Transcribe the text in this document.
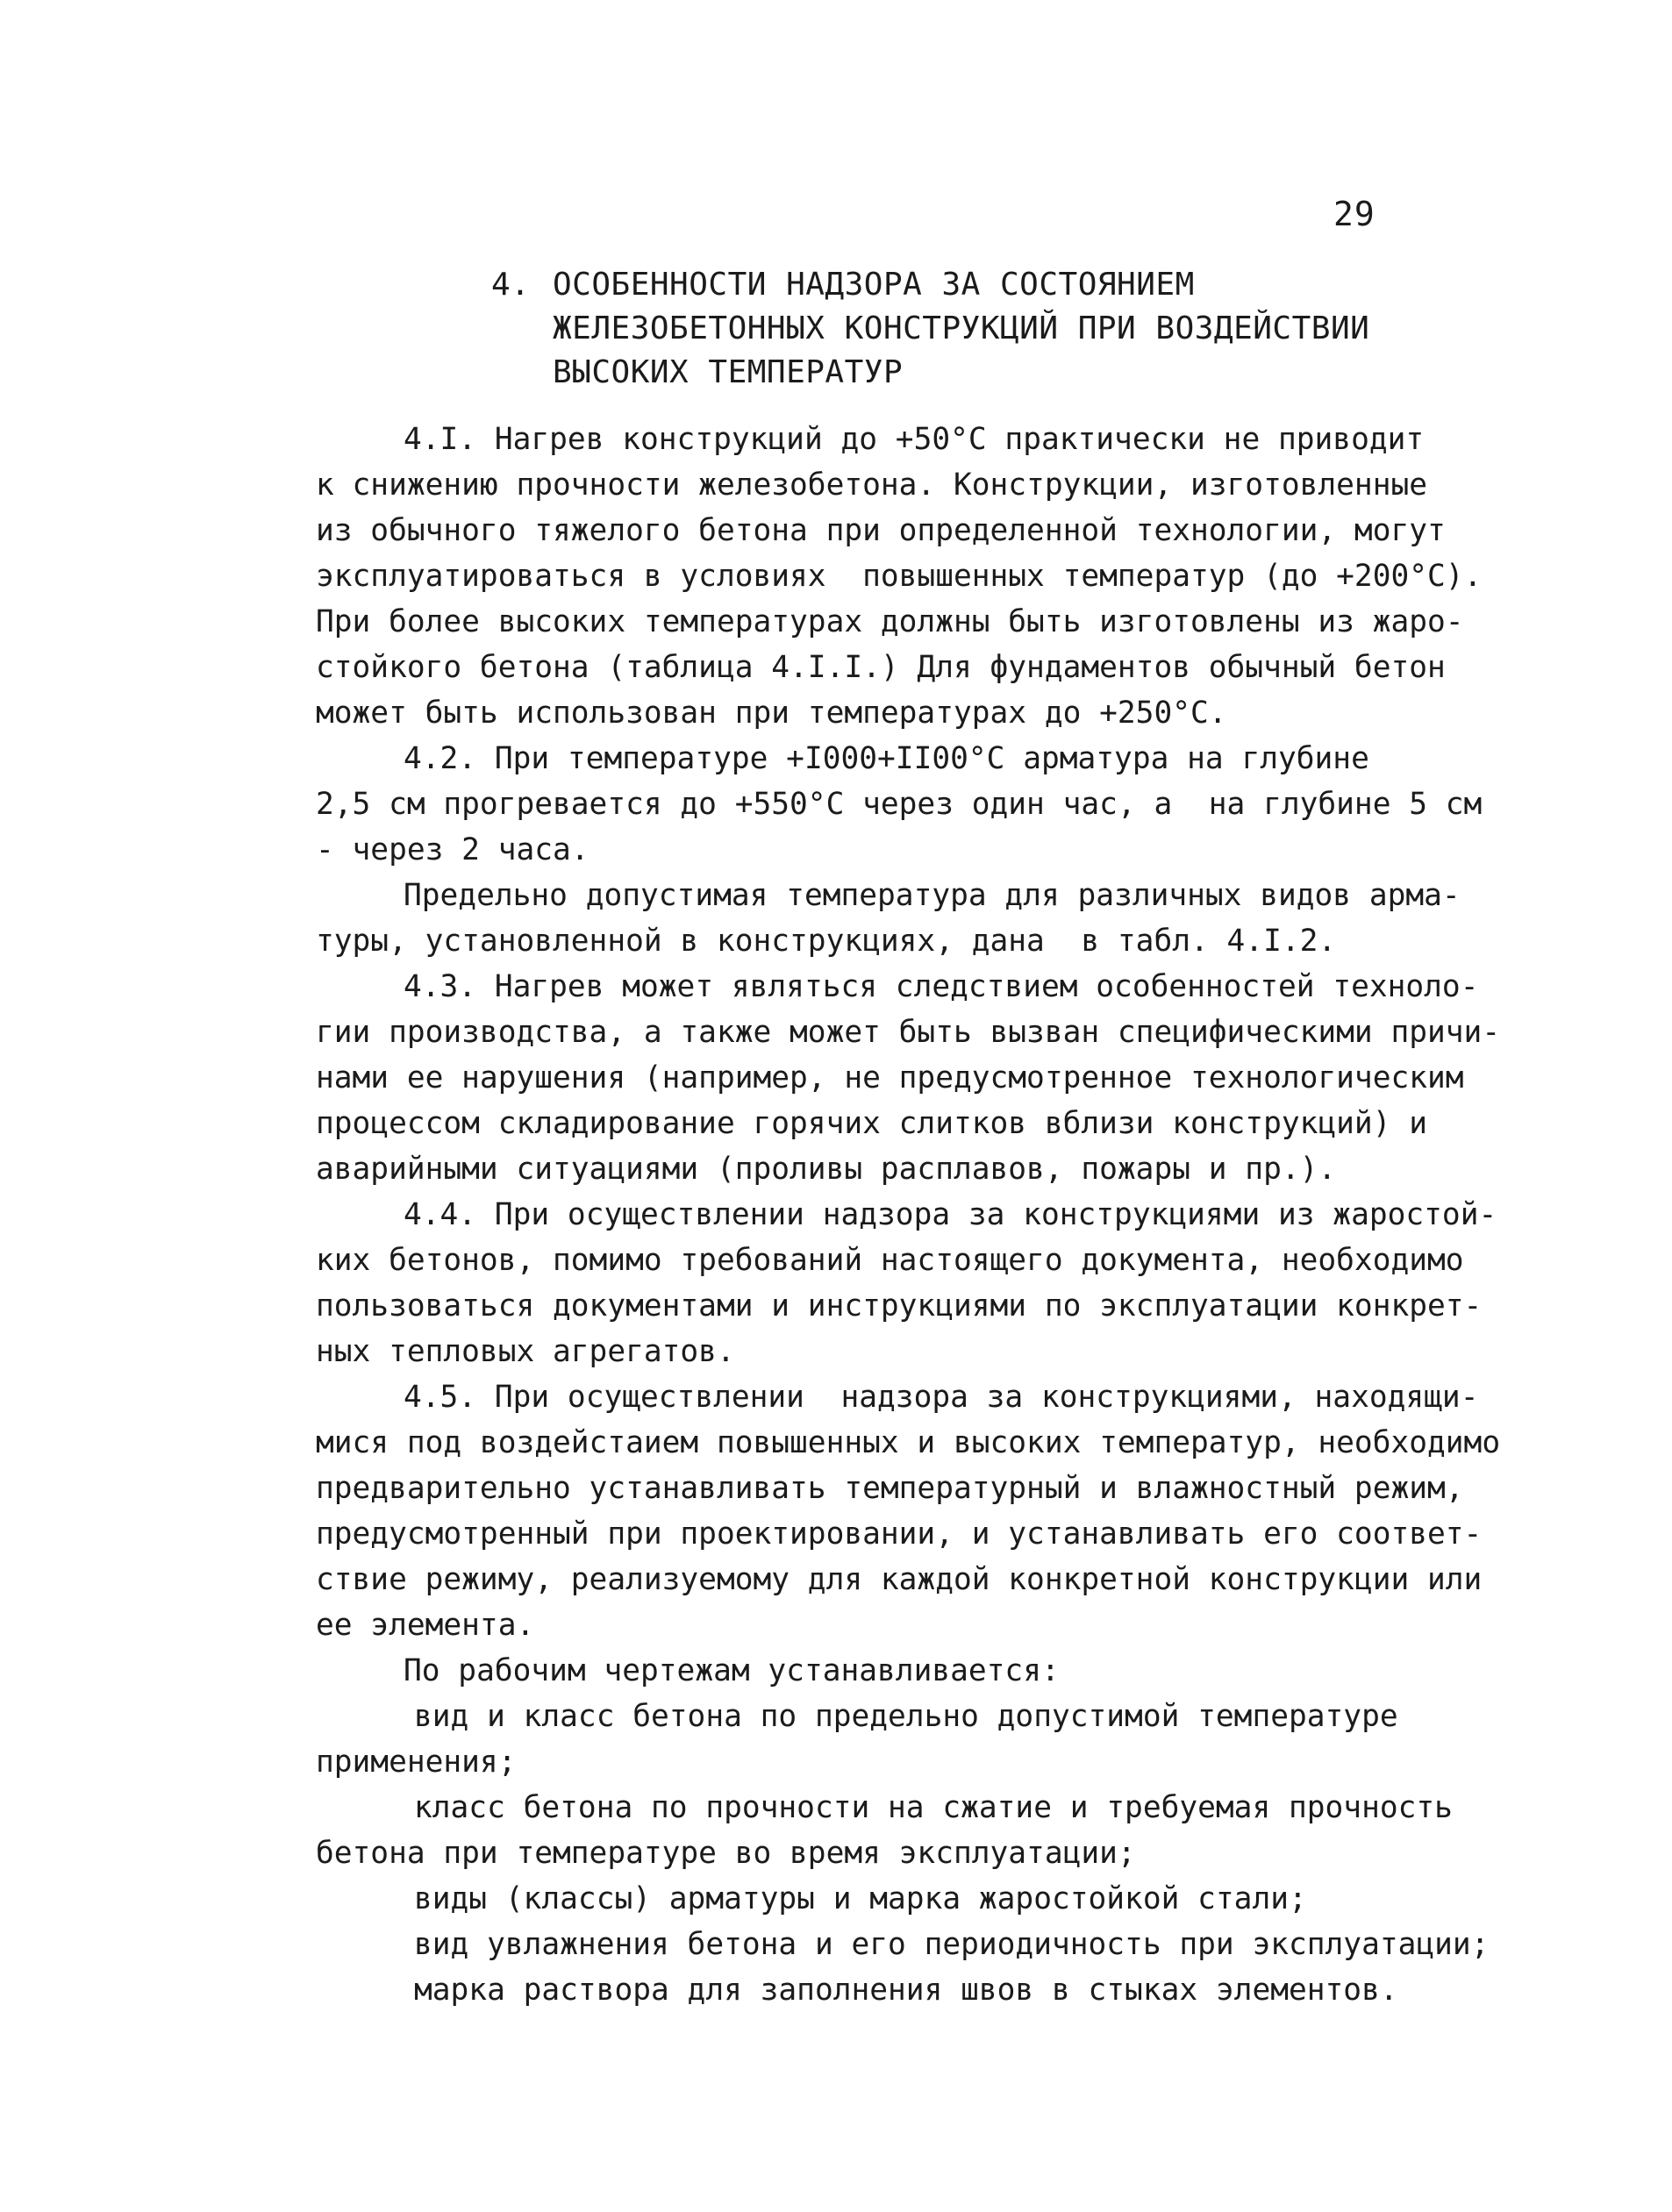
29
4. ОСОБЕННОСТИ НАДЗОРА ЗА СОСТОЯНИЕМ
ЖЕЛЕЗОБЕТОННЫХ КОНСТРУКЦИЙ ПРИ ВОЗДЕЙСТВИИ
ВЫСОКИХ ТЕМПЕРАТУР
4.I. Нагрев конструкций до +50°С практически не приводит
к снижению прочности железобетона. Конструкции, изготовленные
из обычного тяжелого бетона при определенной технологии, могут
эксплуатироваться в условиях  повышенных температур (до +200°С).
При более высоких температурах должны быть изготовлены из жаро-
стойкого бетона (таблица 4.I.I.) Для фундаментов обычный бетон
может быть использован при температурах до +250°С.
4.2. При температуре +I000+II00°С арматура на глубине
2,5 см прогревается до +550°С через один час, а  на глубине 5 см
- через 2 часа.
Предельно допустимая температура для различных видов арма-
туры, установленной в конструкциях, дана  в табл. 4.I.2.
4.3. Нагрев может являться следствием особенностей техноло-
гии производства, а также может быть вызван специфическими причи-
нами ее нарушения (например, не предусмотренное технологическим
процессом складирование горячих слитков вблизи конструкций) и
аварийными ситуациями (проливы расплавов, пожары и пр.).
4.4. При осуществлении надзора за конструкциями из жаростой-
ких бетонов, помимо требований настоящего документа, необходимо
пользоваться документами и инструкциями по эксплуатации конкрет-
ных тепловых агрегатов.
4.5. При осуществлении  надзора за конструкциями, находящи-
мися под воздейстаием повышенных и высоких температур, необходимо
предварительно устанавливать температурный и влажностный режим,
предусмотренный при проектировании, и устанавливать его соответ-
ствие режиму, реализуемому для каждой конкретной конструкции или
ее элемента.
По рабочим чертежам устанавливается:
вид и класс бетона по предельно допустимой температуре
применения;
класс бетона по прочности на сжатие и требуемая прочность
бетона при температуре во время эксплуатации;
виды (классы) арматуры и марка жаростойкой стали;
вид увлажнения бетона и его периодичность при эксплуатации;
марка раствора для заполнения швов в стыках элементов.
